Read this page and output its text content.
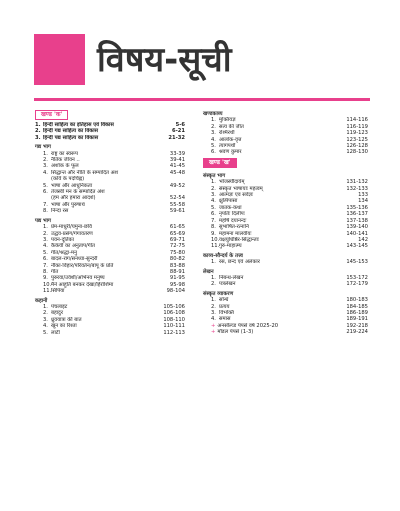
विषय-सूची
खण्ड 'क'
1. हिन्दी साहित्य का इतिहास एवं विकास	5-6
2. हिन्दी गद्य साहित्य का विकास	6-21
3. हिन्दी पद्य साहित्य का विकास	21-32
गद्य भाग
1. राष्ट्र का स्वरूप	33-39
2. नैतिक जीवन ..	39-41
3. अशोक के फूल	41-45
4. सिद्धान्त और नीति के सम्पादित अंश	45-48
(कवि के पदचिह्न)
5. भाषा और आधुनिकता	49-52
6. तेजस्वी मन के सम्पादित अंश
(हम और हमारा आदर्श)	52-54
7. भाषा और पुरुषार्थ	55-58
8. निन्दा रस	59-61
पद्य भाग
1. प्रेम-माधुरी/यमुना-छवि	61-65
2. उद्धव-प्रसंग/गंगावतरण	65-69
3. पवन-दूतिका	69-71
4. कैकेयी का अनुताप/गीत	72-75
5. गीत/श्रद्धा-मनु	75-80
6. बादल-राग/सनध्या-सुन्दरी	80-82
7. नौका-विहार/परिवर्तन/बापू के प्रति	83-88
8. गीत	88-91
9. पुरुरवा/उर्वशी/अभिनव मनुष्य	91-95
10. मैंने आहुति बनकर देखा/हिरोशिमा	95-98
11. सिपिया	98-104
कहानी
1. पंचलाइट	105-106
2. बहादुर	106-108
3. ध्रुवयात्रा की बात	108-110
4. खून का रिश्ता	110-111
5. लाटी	112-113
खण्डकाव्य
1. मुक्तियज्ञ	114-116
2. सत्य की जीत	116-119
3. रश्मिरथी	119-123
4. आलोक-वृत्त	123-125
5. त्यागपथी	126-128
6. श्रवण कुमार	128-130
खण्ड 'ख'
संस्कृत भाग
1. भोजस्यौदार्यम्	131-132
2. संस्कृत भाषायाः महत्वम्	132-133
3. आत्मज्ञः एव सर्वज्ञः	133
4. क्षुत्पिपासा	134
5. जातक-कथा	135-136
6. नृपतिः दिलीपः	136-137
7. महर्षि दयानन्दः	137-138
8. सुभाषित-रत्नानि	139-140
9. महामना मालवीयः	140-141
10. यक्षयुधिष्ठिर-सिद्धान्ताः	142
11. गुरु-माहात्म्य	143-145
काव्य-सौन्दर्य के तत्त्व
1. रस, छन्द एवं अलंकार	145-153
लेखन
1. निबन्ध-लेखन	153-172
2. पत्रलेखन	172-179
संस्कृत व्याकरण
1. सन्धि	180-183
2. प्रत्यय	184-185
3. विभक्ति	186-189
4. समास	189-191
+ अनसॉल्व्ड पेपर्स वर्ष 2025-20	192-218
+ मॉडल पेपर्स (1-3)	219-224
